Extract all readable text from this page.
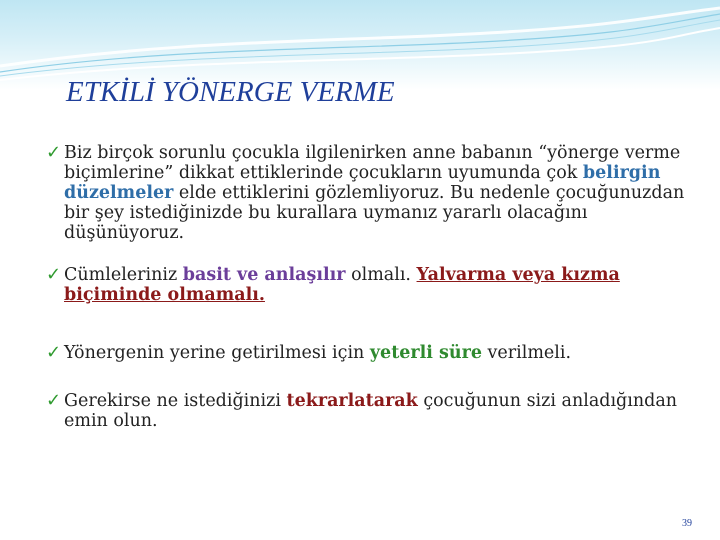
ETKİLİ YÖNERGE VERME
✓ Biz birçok sorunlu çocukla ilgilenirken anne babanın “yönerge verme biçimlerine” dikkat ettiklerinde çocukların uyumunda çok belirgin düzelmeler elde ettiklerini gözlemliyoruz. Bu nedenle çocuğunuzdan bir şey istediğinizde bu kurallara uymanız yararlı olacağını düşünüyoruz.
✓ Cümleleriniz basit ve anlaşılır olmalı. Yalvarma veya kızma biçiminde olmamalı.
✓ Yönergenin yerine getirilmesi için yeterli süre verilmeli.
✓ Gerekirse ne istediğinizi tekrarlatarak çocuğunun sizi anladığından emin olun.
39
